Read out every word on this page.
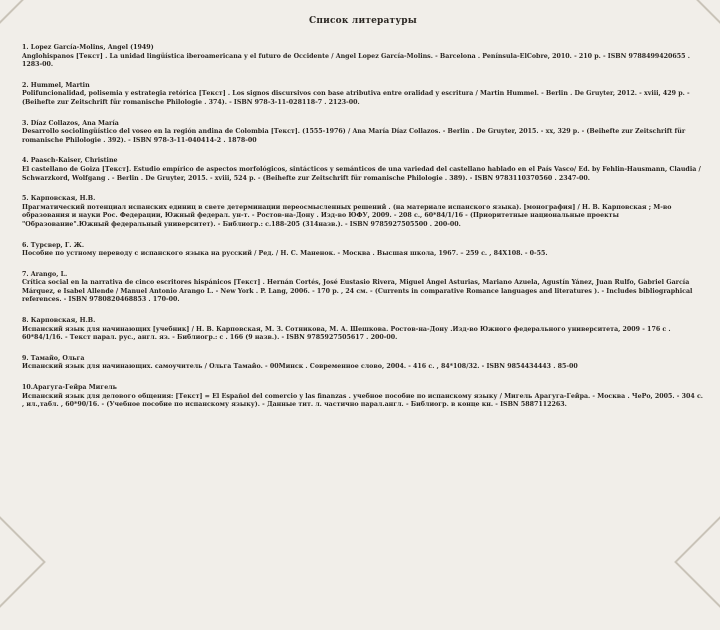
Список литературы
1. Lopez García-Molins, Angel (1949)
Anglohispanos [Текст] . La unidad lingüística iberoamericana y el futuro de Occidente / Angel Lopez García-Molins. - Barcelona . Península-ElCobre, 2010. - 210 р. - ISBN 9788499420655 . 1283-00.
2. Hummel, Martin
Polifuncionalidad, polisemia y estrategia retórica [Текст] . Los signos discursivos con base atributiva entre oralidad y escritura / Martin Hummel. - Berlin . De Gruyter, 2012. - xviii, 429 р. - (Beihefte zur Zeitschrift für romanische Philologie . 374). - ISBN 978-3-11-028118-7 . 2123-00.
3. Díaz Collazos, Ana María
Desarrollo sociolingüístico del voseo en la región andina de Colombia [Текст]. (1555-1976) / Ana María Díaz Collazos. - Berlin . De Gruyter, 2015. - xx, 329 р. - (Beihefte zur Zeitschrift für romanische Philologie . 392). - ISBN 978-3-11-040414-2 . 1878-00
4. Paasch-Kaiser, Christine
El castellano de Goiza [Текст]. Estudio empírico de aspectos morfológicos, sintácticos y semánticos de una variedad del castellano hablado en el País Vasco/ Ed. by Fehlin-Hausmann, Claudia / Schwarzkord, Wolfgang . - Berlin . De Gruyter, 2015. - xviii, 524 р. - (Beihefte zur Zeitschrift für romanische Philologie . 389). - ISBN 9783110370560 . 2347-00.
5. Карповская, Н.В.
Прагматический потенциал испанских единиц в свете детерминации переосмысленных решений . (на материале испанского языка). [монография] / Н. В. Карповская ; М-во образования и науки Рос. Федерации, Южный федерал. ун-т. - Ростов-на-Дону . Изд-во ЮФУ, 2009. - 208 с., 60*84/1/16 - (Приоритетные национальные проекты "Образование".Южный федеральный университет). - Библиогр.: с.188-205 (314назв.). - ISBN 9785927505500 . 200-00.
6. Турсвер, Г. Ж.
Пособие по устному переводу с испанского языка на русский / Ред. / Н. С. Маненок. - Москва . Высшая школа, 1967. – 259 с. , 84X108. - 0-55.
7. Arango, L.
Crítica social en la narrativa de cinco escritores hispánicos [Текст] . Hernán Cortés, José Eustasio Rivera, Miguel Ángel Asturias, Mariano Azuela, Agustín Yánez, Juan Rulfo, Gabriel García Márquez, e Isabel Allende / Manuel Antonio Arango L. - New York . P. Lang, 2006. - 170 р. , 24 см. - (Currents in comparative Romance languages and literatures ). - Includes bibliographical references. - ISBN 9780820468853 . 170-00.
8. Карповская, Н.В.
Испанский язык для начинающих [учебник] / Н. В. Карповская, М. З. Сотникова, М. А. Шешкова. Ростов-на-Дону .Изд-во Южного федерального университета, 2009 - 176 с . 60*84/1/16. - Текст парал. рус., англ. яз. - Библиогр.: с . 166 (9 назв.). - ISBN 9785927505617 . 200-00.
9. Тамайо, Ольга
Испанский язык для начинающих. самоучитель / Ольга Тамайо. - 00Минск . Современное слово, 2004. - 416 с. , 84*108/32. - ISBN 9854434443 . 85-00
10.Арагуга-Гейра Мигель
Испанский язык для делового общения: [Текст] = El Español del comercio y las finanzas . учебное пособие по испанскому языку / Мигель Арагуга-Гейра. - Москва . ЧеРо, 2005. - 304 с. , ил.,табл. , 60*90/16. - (Учебное пособие по испанскому языку). - Данные тит. л. частично парал.англ. - Библиогр. в конце кн. - ISBN 5887112263.
